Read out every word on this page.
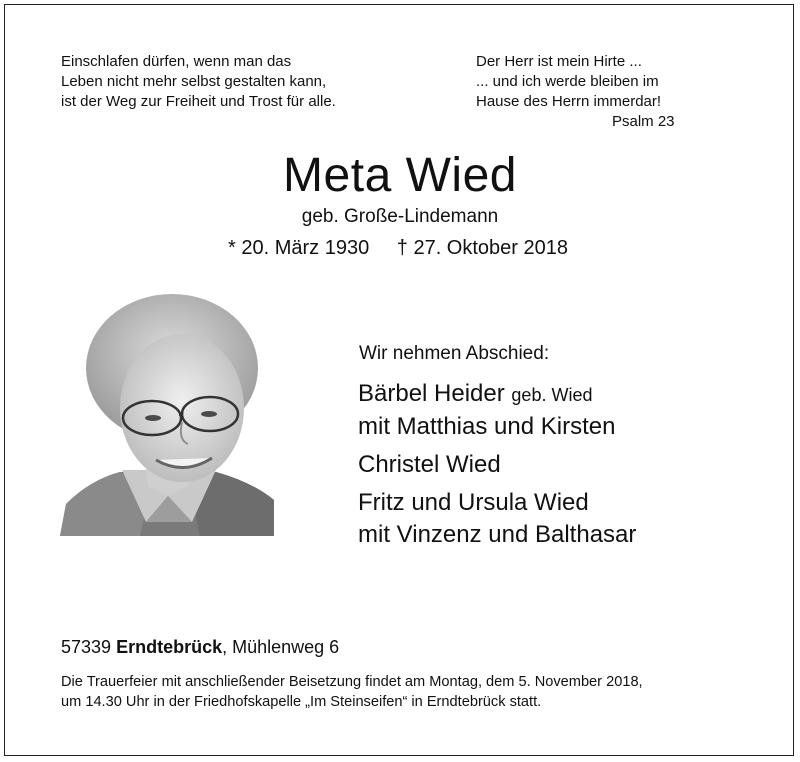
Einschlafen dürfen, wenn man das
Leben nicht mehr selbst gestalten kann,
ist der Weg zur Freiheit und Trost für alle.
Der Herr ist mein Hirte ...
... und ich werde bleiben im
Hause des Herrn immerdar!
Psalm 23
Meta Wied
geb. Große-Lindemann
* 20. März 1930 † 27. Oktober 2018
Wir nehmen Abschied:
Bärbel Heider geb. Wied
mit Matthias und Kirsten
Christel Wied
Fritz und Ursula Wied
mit Vinzenz und Balthasar
57339 Erndtebrück, Mühlenweg 6
Die Trauerfeier mit anschließender Beisetzung findet am Montag, dem 5. November 2018,
um 14.30 Uhr in der Friedhofskapelle „Im Steinseifen“ in Erndtebrück statt.
